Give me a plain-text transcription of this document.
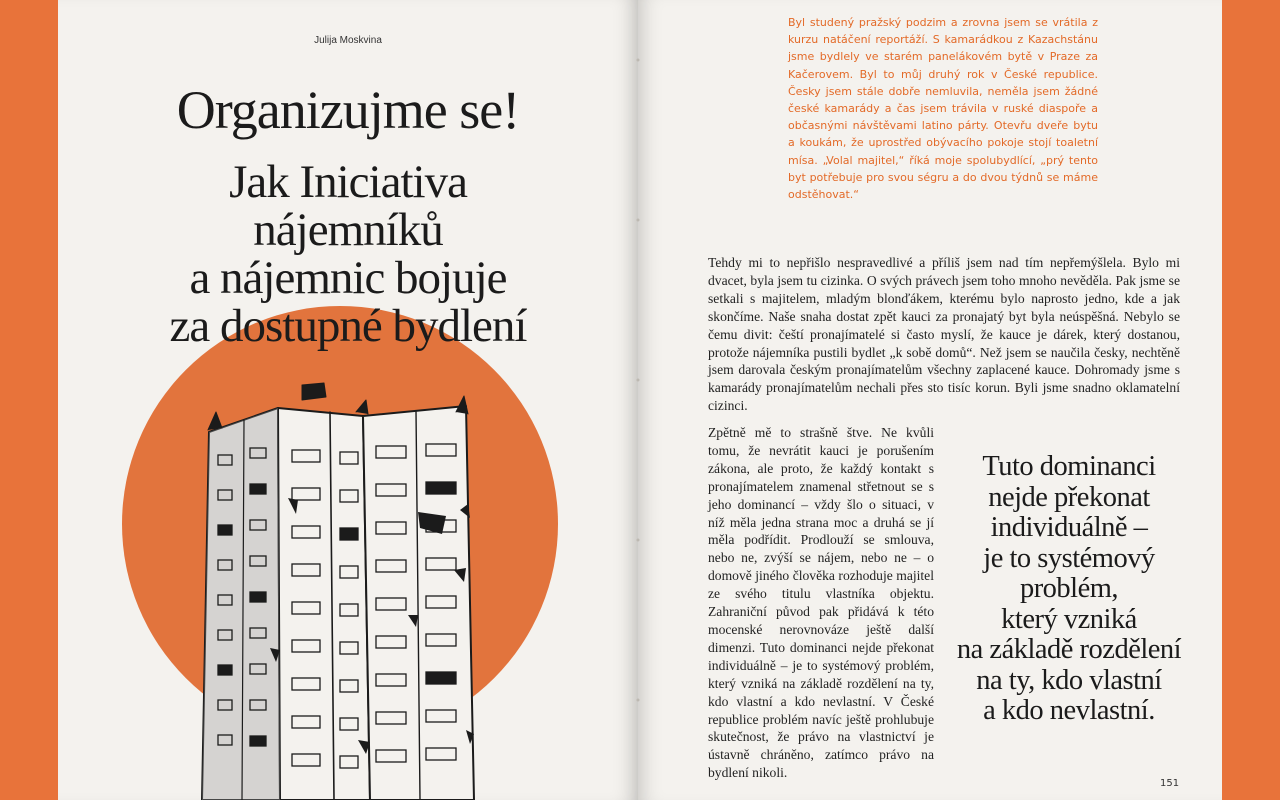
Julija Moskvina

Organizujme se!
Jak Iniciativa
nájemníků
a nájemnic bojuje
za dostupné bydlení

Byl studený pražský podzim a zrovna jsem se vrátila z kurzu natáčení reportáží. S kamarádkou z Kazachstánu jsme bydlely ve starém panelákovém bytě v Praze za Kačerovem. Byl to můj druhý rok v České republice. Česky jsem stále dobře nemluvila, neměla jsem žádné české kamarády a čas jsem trávila v ruské diaspoře a občasnými návštěvami latino párty. Otevřu dveře bytu a koukám, že uprostřed obývacího pokoje stojí toaletní mísa. „Volal majitel,“ říká moje spolubydlící, „prý tento byt potřebuje pro svou ségru a do dvou týdnů se máme odstěhovat.“

Tehdy mi to nepřišlo nespravedlivé a příliš jsem nad tím nepřemýšlela. Bylo mi dvacet, byla jsem tu cizinka. O svých právech jsem toho mnoho nevěděla. Pak jsme se setkali s majitelem, mladým blonďákem, kterému bylo naprosto jedno, kde a jak skončíme. Naše snaha dostat zpět kauci za pronajatý byt byla neúspěšná. Nebylo se čemu divit: čeští pronajímatelé si často myslí, že kauce je dárek, který dostanou, protože nájemníka pustili bydlet „k sobě domů“. Než jsem se naučila česky, nechtěně jsem darovala českým pronajímatelům všechny zaplacené kauce. Dohromady jsme s kamarády pronajímatelům nechali přes sto tisíc korun. Byli jsme snadno oklamatelní cizinci.

Zpětně mě to strašně štve. Ne kvůli tomu, že nevrátit kauci je porušením zákona, ale proto, že každý kontakt s pronajímatelem znamenal střetnout se s jeho dominancí – vždy šlo o situaci, v níž měla jedna strana moc a druhá se jí měla podřídit. Prodlouží se smlouva, nebo ne, zvýší se nájem, nebo ne – o domově jiného člověka rozhoduje majitel ze svého titulu vlastníka objektu. Zahraniční původ pak přidává k této mocenské nerovnováze ještě další dimenzi. Tuto dominanci nejde překonat individuálně – je to systémový problém, který vzniká na základě rozdělení na ty, kdo vlastní a kdo nevlastní. V České republice problém navíc ještě prohlubuje skutečnost, že právo na vlastnictví je ústavně chráněno, zatímco právo na bydlení nikoli.

Tuto dominanci
nejde překonat
individuálně –
je to systémový
problém,
který vzniká
na základě rozdělení
na ty, kdo vlastní
a kdo nevlastní.

151
